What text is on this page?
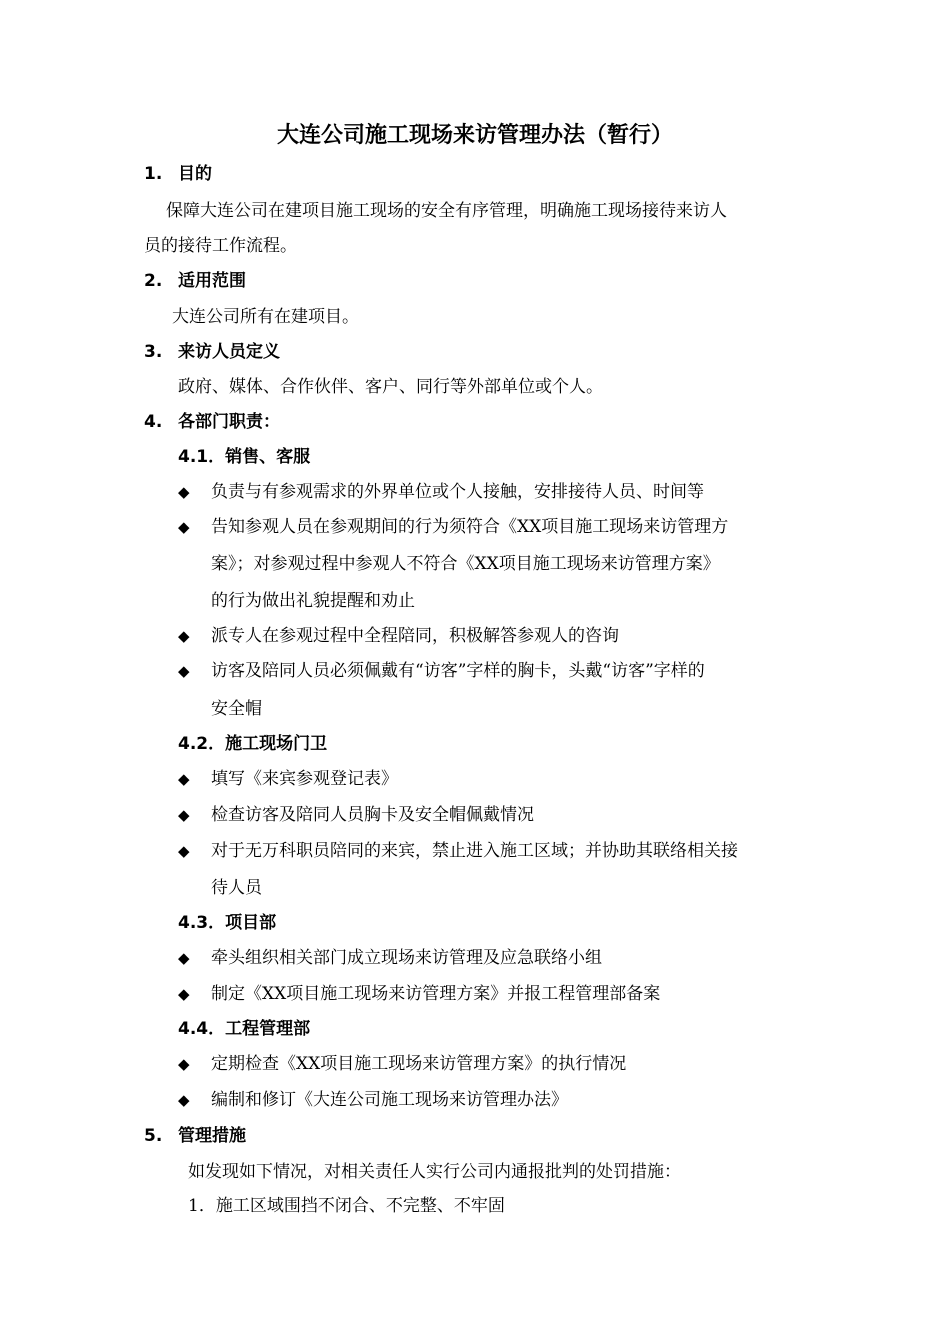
大连公司施工现场来访管理办法（暂行）
1. 目的
保障大连公司在建项目施工现场的安全有序管理，明确施工现场接待来访人
员的接待工作流程。
2. 适用范围
大连公司所有在建项目。
3. 来访人员定义
政府、媒体、合作伙伴、客户、同行等外部单位或个人。
4. 各部门职责：
4.1．销售、客服
◆ 负责与有参观需求的外界单位或个人接触，安排接待人员、时间等
◆ 告知参观人员在参观期间的行为须符合《XX项目施工现场来访管理方
案》；对参观过程中参观人不符合《XX项目施工现场来访管理方案》
的行为做出礼貌提醒和劝止
◆ 派专人在参观过程中全程陪同，积极解答参观人的咨询
◆ 访客及陪同人员必须佩戴有“访客”字样的胸卡，头戴“访客”字样的
安全帽
4.2．施工现场门卫
◆ 填写《来宾参观登记表》
◆ 检查访客及陪同人员胸卡及安全帽佩戴情况
◆ 对于无万科职员陪同的来宾，禁止进入施工区域；并协助其联络相关接
待人员
4.3．项目部
◆ 牵头组织相关部门成立现场来访管理及应急联络小组
◆ 制定《XX项目施工现场来访管理方案》并报工程管理部备案
4.4．工程管理部
◆ 定期检查《XX项目施工现场来访管理方案》的执行情况
◆ 编制和修订《大连公司施工现场来访管理办法》
5. 管理措施
如发现如下情况，对相关责任人实行公司内通报批判的处罚措施：
1．施工区域围挡不闭合、不完整、不牢固
